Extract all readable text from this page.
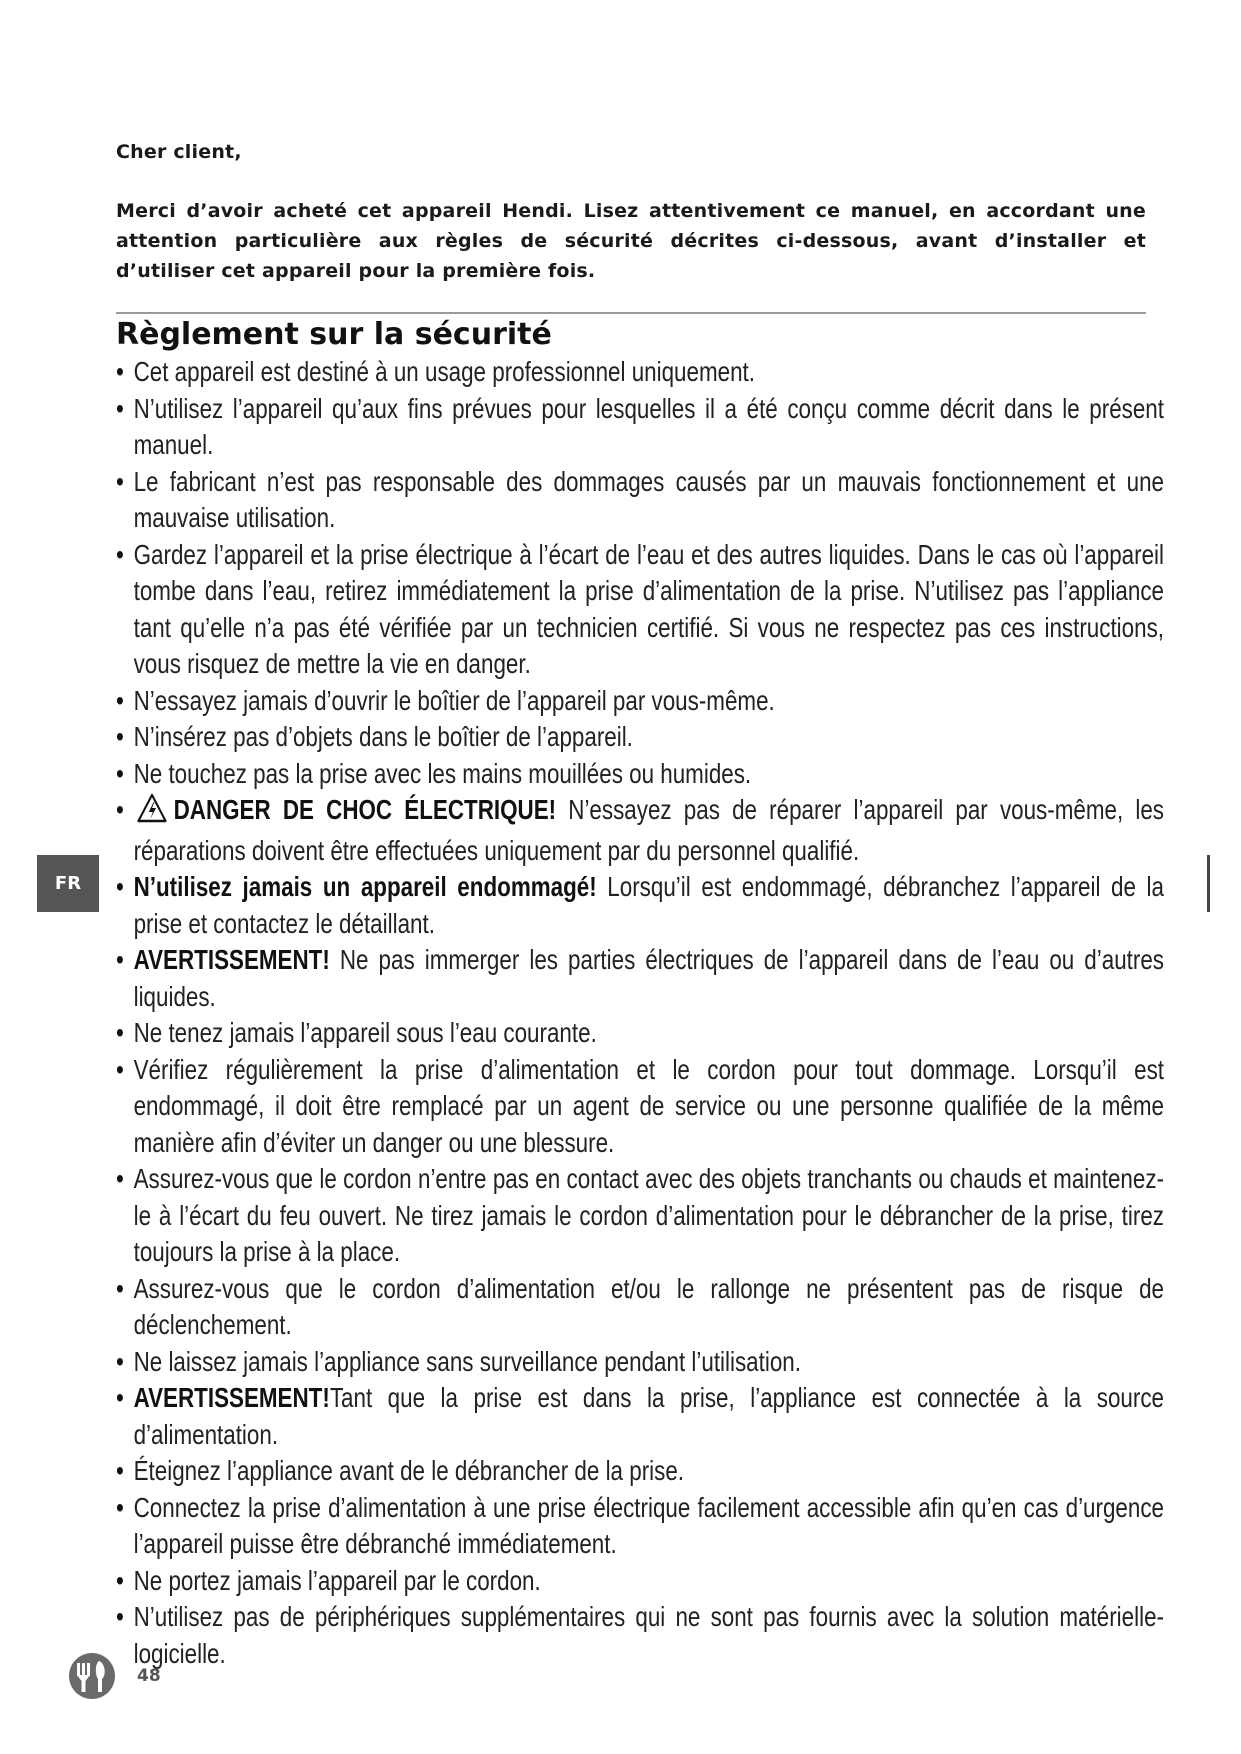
Cher client,
Merci d’avoir acheté cet appareil Hendi. Lisez attentivement ce manuel, en accordant une attention particulière aux règles de sécurité décrites ci-dessous, avant d’installer et d’utiliser cet appareil pour la première fois.
Règlement sur la sécurité
• Cet appareil est destiné à un usage professionnel uniquement.
• N’utilisez l’appareil qu’aux fins prévues pour lesquelles il a été conçu comme décrit dans le présent manuel.
• Le fabricant n’est pas responsable des dommages causés par un mauvais fonctionnement et une mauvaise utilisation.
• Gardez l’appareil et la prise électrique à l’écart de l’eau et des autres liquides. Dans le cas où l’appareil tombe dans l’eau, retirez immédiatement la prise d’alimentation de la prise. N’utilisez pas l’appliance tant qu’elle n’a pas été vérifiée par un technicien certifié. Si vous ne respectez pas ces instructions, vous risquez de mettre la vie en danger.
• N’essayez jamais d’ouvrir le boîtier de l’appareil par vous-même.
• N’insérez pas d’objets dans le boîtier de l’appareil.
• Ne touchez pas la prise avec les mains mouillées ou humides.
• DANGER DE CHOC ÉLECTRIQUE! N’essayez pas de réparer l’appareil par vous-même, les réparations doivent être effectuées uniquement par du personnel qualifié.
• N’utilisez jamais un appareil endommagé! Lorsqu’il est endommagé, débranchez l’appareil de la prise et contactez le détaillant.
• AVERTISSEMENT! Ne pas immerger les parties électriques de l’appareil dans de l’eau ou d’autres liquides.
• Ne tenez jamais l’appareil sous l’eau courante.
• Vérifiez régulièrement la prise d’alimentation et le cordon pour tout dommage. Lorsqu’il est endommagé, il doit être remplacé par un agent de service ou une personne qualifiée de la même manière afin d’éviter un danger ou une blessure.
• Assurez-vous que le cordon n’entre pas en contact avec des objets tranchants ou chauds et maintenez-le à l’écart du feu ouvert. Ne tirez jamais le cordon d’alimentation pour le débrancher de la prise, tirez toujours la prise à la place.
• Assurez-vous que le cordon d’alimentation et/ou le rallonge ne présentent pas de risque de déclenchement.
• Ne laissez jamais l’appliance sans surveillance pendant l’utilisation.
• AVERTISSEMENT!Tant que la prise est dans la prise, l’appliance est connectée à la source d’alimentation.
• Éteignez l’appliance avant de le débrancher de la prise.
• Connectez la prise d’alimentation à une prise électrique facilement accessible afin qu’en cas d’urgence l’appareil puisse être débranché immédiatement.
• Ne portez jamais l’appareil par le cordon.
• N’utilisez pas de périphériques supplémentaires qui ne sont pas fournis avec la solution matérielle-logicielle.
FR
48
